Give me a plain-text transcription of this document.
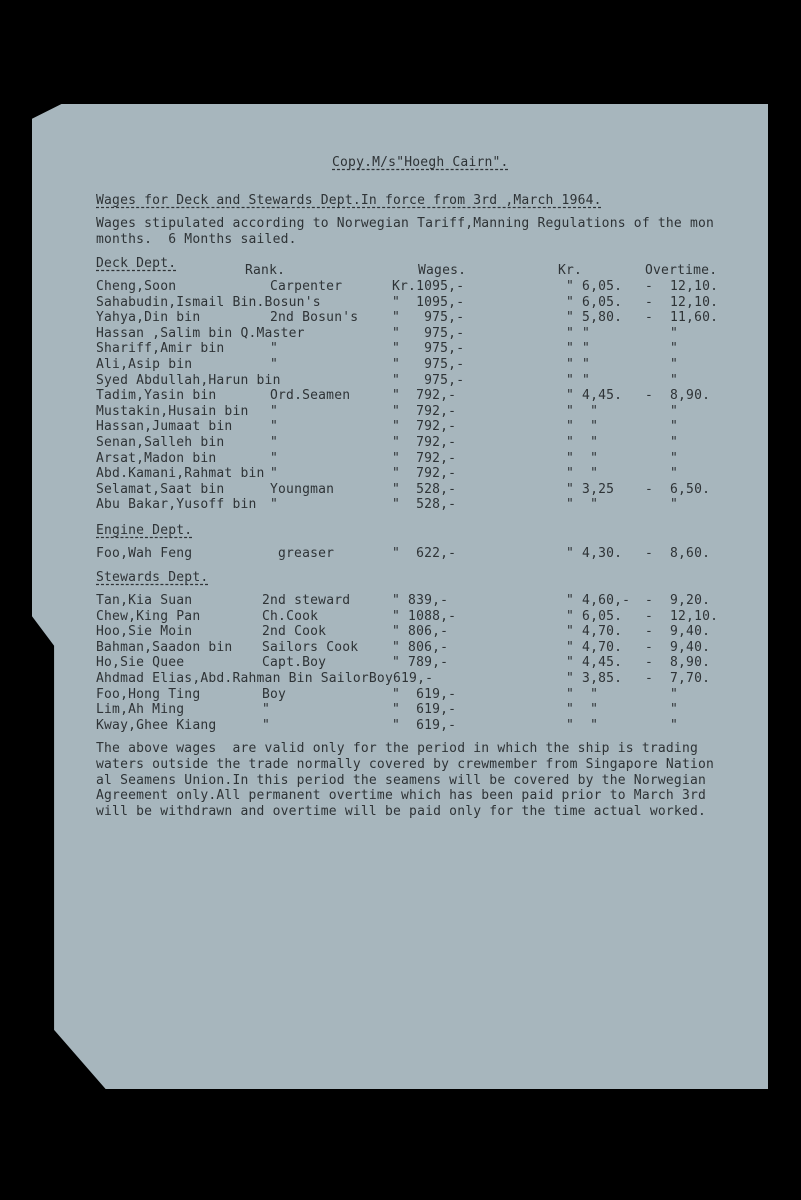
Copy.M/s"Hoegh Cairn".
Wages for Deck and Stewards Dept.In force from 3rd ,March 1964.
Wages stipulated according to Norwegian Tariff,Manning Regulations of the mon
months.  6 Months sailed.
Deck Dept.	Rank.	Wages.	Kr.	Overtime.
Cheng,Soon	Carpenter	Kr.1095,-	" 6,05. - 12,10.
Sahabudin,Ismail Bin.Bosun's	"  1095,-	" 6,05. - 12,10.
Yahya,Din bin	2nd Bosun's	"   975,-	" 5,80. - 11,60.
Hassan ,Salim bin Q.Master	"   975,-	" "	"
Shariff,Amir bin	"	"   975,-	" "	"
Ali,Asip bin	"	"   975,-	" "	"
Syed Abdullah,Harun bin	"   975,-	" "	"
Tadim,Yasin bin	Ord.Seamen	"  792,-	" 4,45. - 8,90.
Mustakin,Husain bin "	"  792,-	"  "	"
Hassan,Jumaat bin	"	"  792,-	"  "	"
Senan,Salleh bin	"	"  792,-	"  "	"
Arsat,Madon bin	"	"  792,-	"  "	"
Abd.Kamani,Rahmat bin "	"  792,-	"  "	"
Selamat,Saat bin	Youngman	"  528,-	" 3,25 - 6,50.
Abu Bakar,Yusoff bin "	"  528,-	"  "	"
Engine Dept.
Foo,Wah Feng	greaser	"  622,-	" 4,30. - 8,60.
Stewards Dept.
Tan,Kia Suan	2nd steward	" 839,-	" 4,60,- - 9,20.
Chew,King Pan	Ch.Cook	" 1088,-	" 6,05. - 12,10.
Hoo,Sie Moin	2nd Cook	" 806,-	" 4,70. - 9,40.
Bahman,Saadon bin Sailors Cook	" 806,-	" 4,70. - 9,40.
Ho,Sie Quee	Capt.Boy	" 789,-	" 4,45. - 8,90.
Ahdmad Elias,Abd.Rahman Bin SailorBoy619,-	" 3,85. - 7,70.
Foo,Hong Ting	Boy	"  619,-	"  "	"
Lim,Ah Ming	"	"  619,-	"  "	"
Kway,Ghee Kiang	"	"  619,-	"  "	"
The above wages  are valid only for the period in which the ship is trading
waters outside the trade normally covered by crewmember from Singapore Nation
al Seamens Union.In this period the seamens will be covered by the Norwegian
Agreement only.All permanent overtime which has been paid prior to March 3rd
will be withdrawn and overtime will be paid only for the time actual worked.
